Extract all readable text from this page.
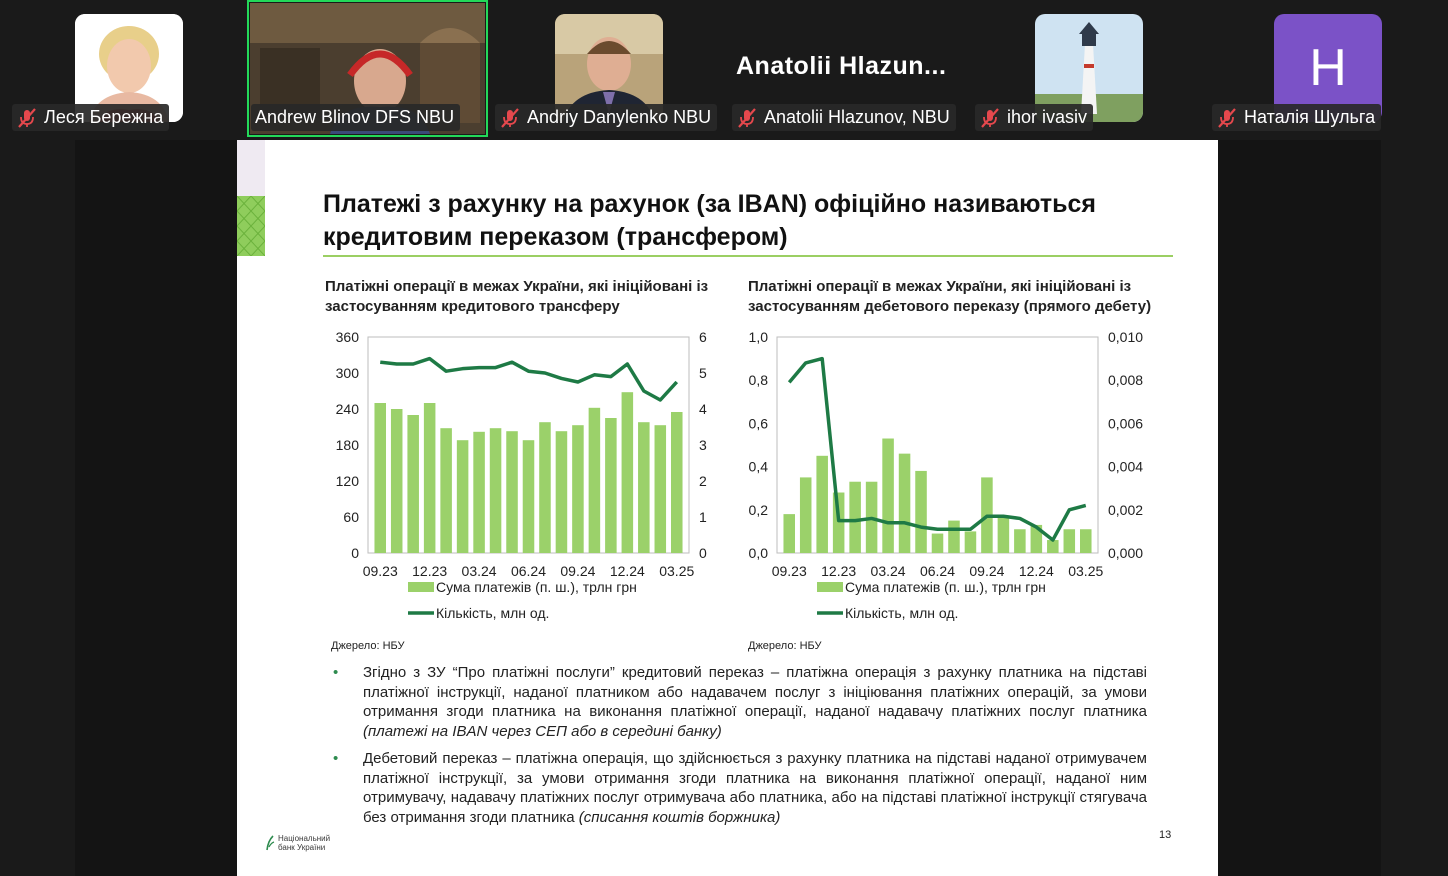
Леся Бережна	Andrew Blinov DFS NBU	Andriy Danylenko NBU
Anatolii Hlazun...
Anatolii Hlazunov, NBU	ihor ivasiv
H
Наталія Шульга
Платежі з рахунку на рахунок (за IBAN) офіційно називаються кредитовим переказом (трансфером)
Платіжні операції в межах України, які ініційовані із застосуванням кредитового трансферу
Платіжні операції в межах України, які ініційовані із застосуванням дебетового переказу (прямого дебету)
0
60
120
180
240
300
360
0
1
2
3
4
5
6
09.23 12.23 03.24 06.24 09.24 12.24 03.25
Сума платежів (п. ш.), трлн грн
Кількість, млн од.
0,0
0,2
0,4
0,6
0,8
1,0
0,000
0,002
0,004
0,006
0,008
0,010
09.23 12.23 03.24 06.24 09.24 12.24 03.25
Сума платежів (п. ш.), трлн грн
Кількість, млн од.
Джерело: НБУ	Джерело: НБУ
• Згідно з ЗУ “Про платіжні послуги” кредитовий переказ – платіжна операція з рахунку платника на підставі платіжної інструкції, наданої платником або надавачем послуг з ініціювання платіжних операцій, за умови отримання згоди платника на виконання платіжної операції, наданої надавачу платіжних послуг платника (платежі на IBAN через СЕП або в середині банку)
• Дебетовий переказ – платіжна операція, що здійснюється з рахунку платника на підставі наданої отримувачем платіжної інструкції, за умови отримання згоди платника на виконання платіжної операції, наданої ним отримувачу, надавачу платіжних послуг отримувача або платника, або на підставі платіжної інструкції стягувача без отримання згоди платника (списання коштів боржника)
Національний
банк України
13
